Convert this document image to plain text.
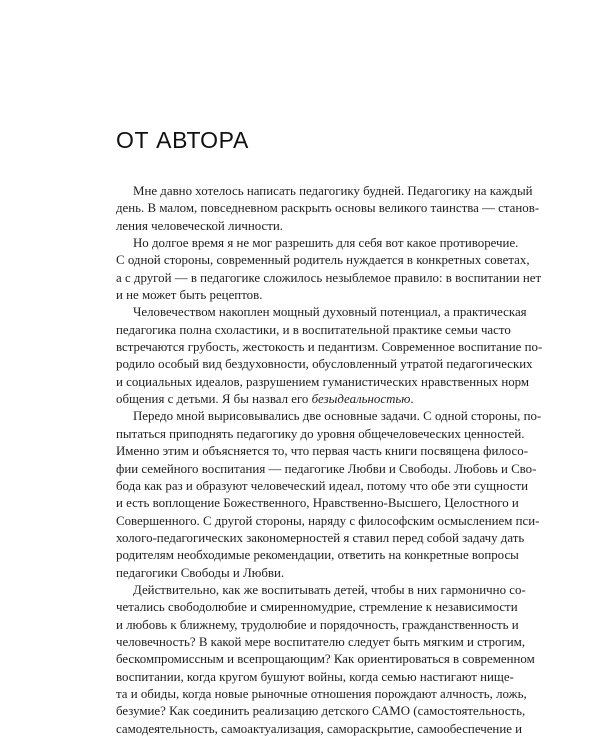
ОТ АВТОРА
Мне давно хотелось написать педагогику будней. Педагогику на каждый
день. В малом, повседневном раскрыть основы великого таинства — станов-
ления человеческой личности.
Но долгое время я не мог разрешить для себя вот какое противоречие.
С одной стороны, современный родитель нуждается в конкретных советах,
а с другой — в педагогике сложилось незыблемое правило: в воспитании нет
и не может быть рецептов.
Человечеством накоплен мощный духовный потенциал, а практическая
педагогика полна схоластики, и в воспитательной практике семьи часто
встречаются грубость, жестокость и педантизм. Современное воспитание по-
родило особый вид бездуховности, обусловленный утратой педагогических
и социальных идеалов, разрушением гуманистических нравственных норм
общения с детьми. Я бы назвал его безыдеальностью.
Передо мной вырисовывались две основные задачи. С одной стороны, по-
пытаться приподнять педагогику до уровня общечеловеческих ценностей.
Именно этим и объясняется то, что первая часть книги посвящена филосо-
фии семейного воспитания — педагогике Любви и Свободы. Любовь и Сво-
бода как раз и образуют человеческий идеал, потому что обе эти сущности
и есть воплощение Божественного, Нравственно-Высшего, Целостного и
Совершенного. С другой стороны, наряду с философским осмыслением пси-
холого-педагогических закономерностей я ставил перед собой задачу дать
родителям необходимые рекомендации, ответить на конкретные вопросы
педагогики Свободы и Любви.
Действительно, как же воспитывать детей, чтобы в них гармонично со-
четались свободолюбие и смиренномудрие, стремление к независимости
и любовь к ближнему, трудолюбие и порядочность, гражданственность и
человечность? В какой мере воспитателю следует быть мягким и строгим,
бескомпромиссным и всепрощающим? Как ориентироваться в современном
воспитании, когда кругом бушуют войны, когда семью настигают нище-
та и обиды, когда новые рыночные отношения порождают алчность, ложь,
безумие? Как соединить реализацию детского САМО (самостоятельность,
самодеятельность, самоактуализация, самораскрытие, самообеспечение и
